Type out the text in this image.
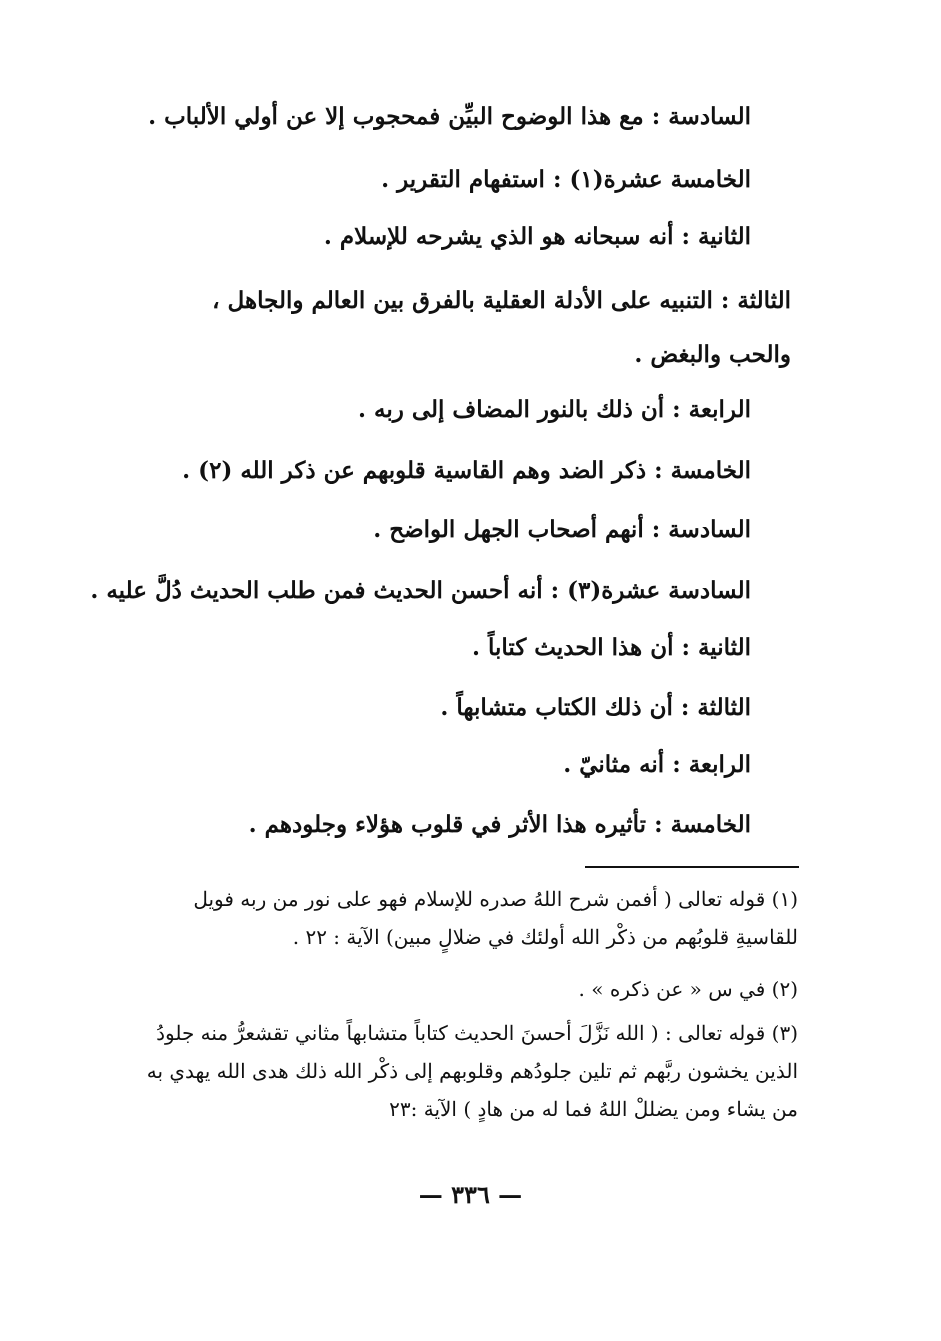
السادسة : مع هذا الوضوح البيِّن فمحجوب إلا عن أولي الألباب .
الخامسة عشرة(١) : استفهام التقرير .
الثانية : أنه سبحانه هو الذي يشرحه للإسلام .
الثالثة : التنبيه على الأدلة العقلية بالفرق بين العالم والجاهل ، والحب والبغض .
الرابعة : أن ذلك بالنور المضاف إلى ربه .
الخامسة : ذكر الضد وهم القاسية قلوبهم عن ذكر الله (٢) .
السادسة : أنهم أصحاب الجهل الواضح .
السادسة عشرة(٣) : أنه أحسن الحديث فمن طلب الحديث دُلَّ عليه .
الثانية : أن هذا الحديث كتاباً .
الثالثة : أن ذلك الكتاب متشابهاً .
الرابعة : أنه مثانيّ .
الخامسة : تأثيره هذا الأثر في قلوب هؤلاء وجلودهم .
(١) قوله تعالى ( أفمن شرح اللهُ صدره للإسلام فهو على نور من ربه فويل للقاسيةِ قلوبُهم من ذكْر الله أولئك في ضلالٍ مبين) الآية : ٢٢ .
(٢) في س « عن ذكره » .
(٣) قوله تعالى : ( الله نَزَّلَ أحسنَ الحديث كتاباً متشابهاً مثاني تقشعرُّ منه جلودُ الذين يخشون ربَّهم ثم تلين جلودُهم وقلوبهم إلى ذكْر الله ذلك هدى الله يهدي به من يشاء ومن يضللْ اللهُ فما له من هادٍ ) الآية :٢٣
— ٣٣٦ —
